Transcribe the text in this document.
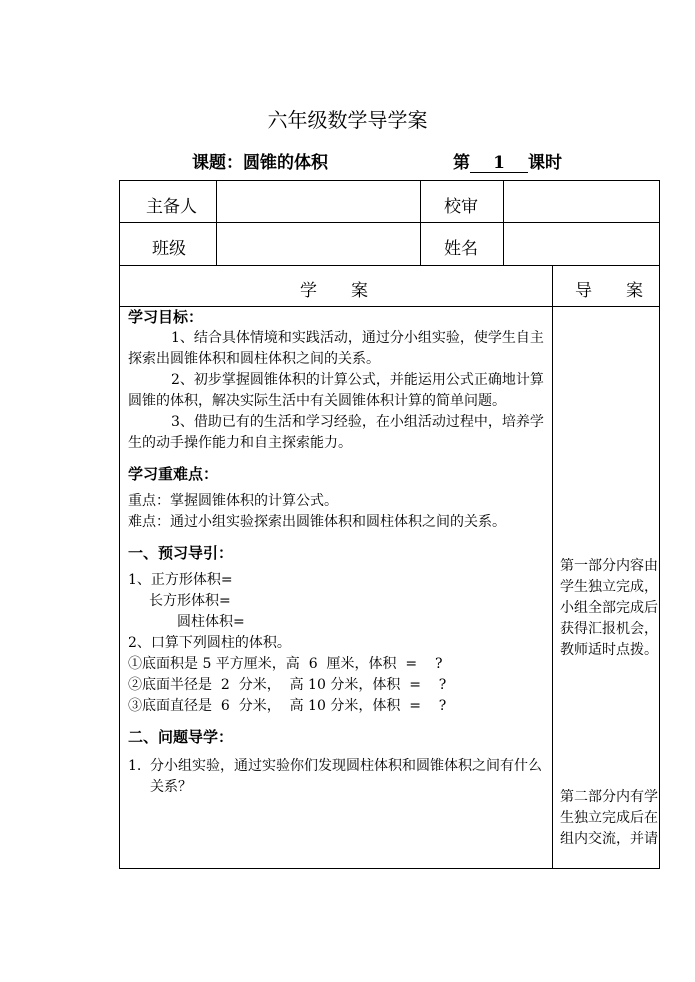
六年级数学导学案
课题：圆锥的体积	第 1 课时
主备人	校审
班级	姓名
学　　案	导　　案

学习目标：

1、结合具体情境和实践活动，通过分小组实验，使学生自主探索出圆锥体积和圆柱体积之间的关系。

2、初步掌握圆锥体积的计算公式，并能运用公式正确地计算圆锥的体积，解决实际生活中有关圆锥体积计算的简单问题。

3、借助已有的生活和学习经验，在小组活动过程中，培养学生的动手操作能力和自主探索能力。

学习重难点：

重点：掌握圆锥体积的计算公式。

难点：通过小组实验探索出圆锥体积和圆柱体积之间的关系。

一、预习导引：

1、正方形体积=

长方形体积=

圆柱体积=

2、口算下列圆柱的体积。

①底面积是 5 平方厘米，高  6  厘米，体积  =    ?

②底面半径是  2  分米，  高 10 分米，体积  =    ?

③底面直径是  6  分米，  高 10 分米，体积  =    ?

二、问题导学：

1. 分小组实验，通过实验你们发现圆柱体积和圆锥体积之间有什么关系？
第一部分内容由学生独立完成，小组全部完成后获得汇报机会，教师适时点拨。
第二部分内有学生独立完成后在组内交流，并请
